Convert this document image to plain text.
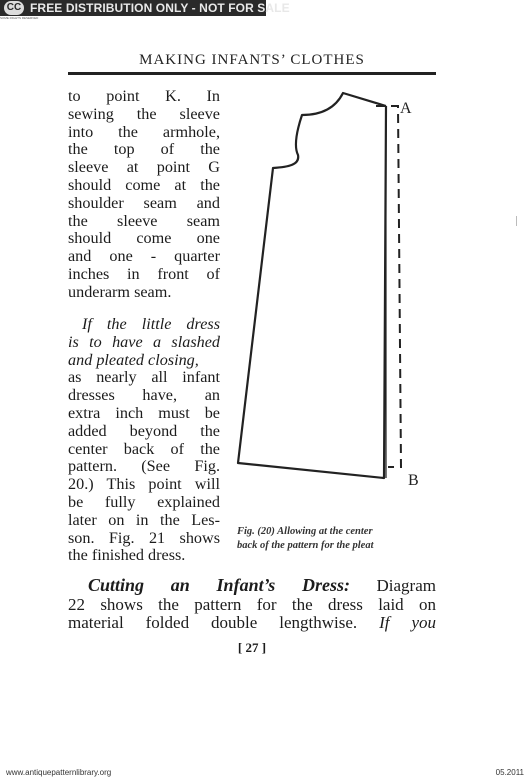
CC FREE DISTRIBUTION ONLY - NOT FOR SALE
SOME RIGHTS RESERVED
MAKING INFANTS’ CLOTHES
to point K. In
sewing the sleeve
into the armhole,
the top of the
sleeve at point G
should come at the
shoulder seam and
the sleeve seam
should come one
and one - quarter
inches in front of
underarm seam.
If the little dress
is to have a slashed
and pleated closing,
as nearly all infant
dresses have, an
extra inch must be
added beyond the
center back of the
pattern. (See Fig.
20.) This point will
be fully explained
later on in the Les-
son. Fig. 21 shows
the finished dress.
A
B
Fig. (20) Allowing at the center
back of the pattern for the pleat
Cutting an Infant’s Dress: Diagram
22 shows the pattern for the dress laid on
material folded double lengthwise. If you
[ 27 ]
www.antiquepatternlibrary.org	05.2011
